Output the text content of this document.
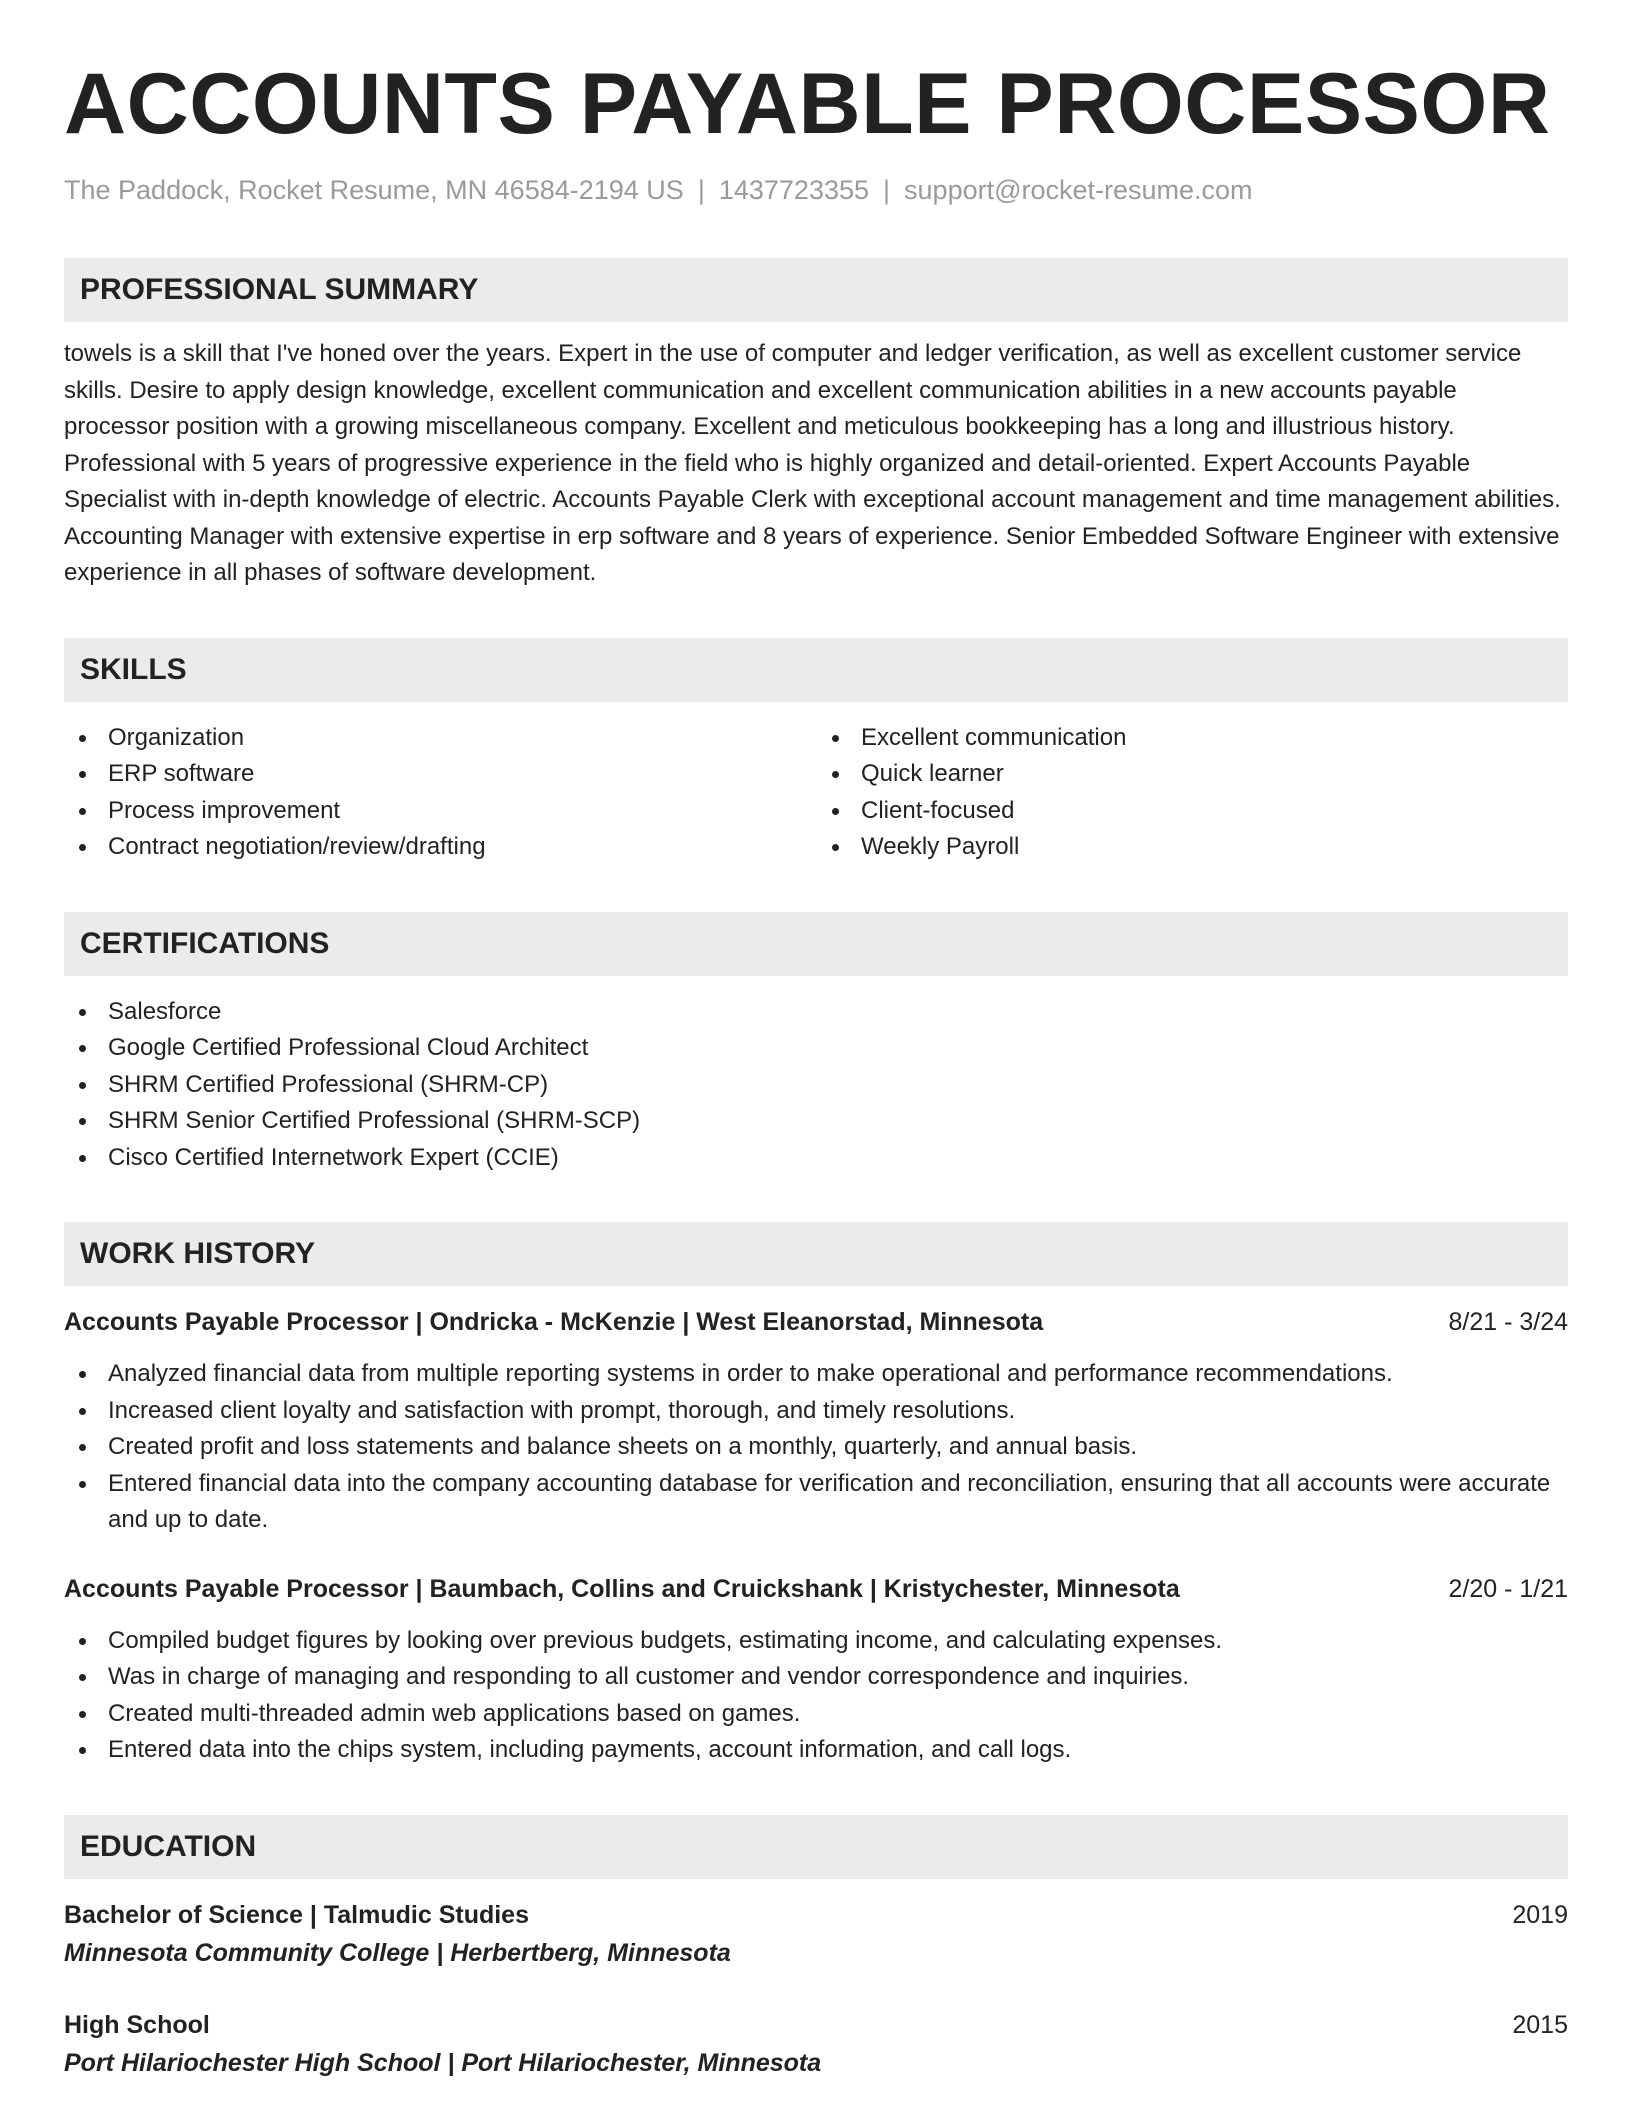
ACCOUNTS PAYABLE PROCESSOR
The Paddock, Rocket Resume, MN 46584-2194 US | 1437723355 | support@rocket-resume.com
PROFESSIONAL SUMMARY

towels is a skill that I've honed over the years. Expert in the use of computer and ledger verification, as well as excellent customer service skills. Desire to apply design knowledge, excellent communication and excellent communication abilities in a new accounts payable processor position with a growing miscellaneous company. Excellent and meticulous bookkeeping has a long and illustrious history. Professional with 5 years of progressive experience in the field who is highly organized and detail-oriented. Expert Accounts Payable Specialist with in-depth knowledge of electric. Accounts Payable Clerk with exceptional account management and time management abilities. Accounting Manager with extensive expertise in erp software and 8 years of experience. Senior Embedded Software Engineer with extensive experience in all phases of software development.

SKILLS
Organization
ERP software
Process improvement
Contract negotiation/review/drafting
Excellent communication
Quick learner
Client-focused
Weekly Payroll
CERTIFICATIONS
Salesforce
Google Certified Professional Cloud Architect
SHRM Certified Professional (SHRM-CP)
SHRM Senior Certified Professional (SHRM-SCP)
Cisco Certified Internetwork Expert (CCIE)
WORK HISTORY
Accounts Payable Processor | Ondricka - McKenzie | West Eleanorstad, Minnesota	8/21 - 3/24
Analyzed financial data from multiple reporting systems in order to make operational and performance recommendations.
Increased client loyalty and satisfaction with prompt, thorough, and timely resolutions.
Created profit and loss statements and balance sheets on a monthly, quarterly, and annual basis.
Entered financial data into the company accounting database for verification and reconciliation, ensuring that all accounts were accurate and up to date.
Accounts Payable Processor | Baumbach, Collins and Cruickshank | Kristychester, Minnesota	2/20 - 1/21
Compiled budget figures by looking over previous budgets, estimating income, and calculating expenses.
Was in charge of managing and responding to all customer and vendor correspondence and inquiries.
Created multi-threaded admin web applications based on games.
Entered data into the chips system, including payments, account information, and call logs.
EDUCATION
Bachelor of Science | Talmudic Studies	2019
Minnesota Community College | Herbertberg, Minnesota
High School	2015
Port Hilariochester High School | Port Hilariochester, Minnesota
